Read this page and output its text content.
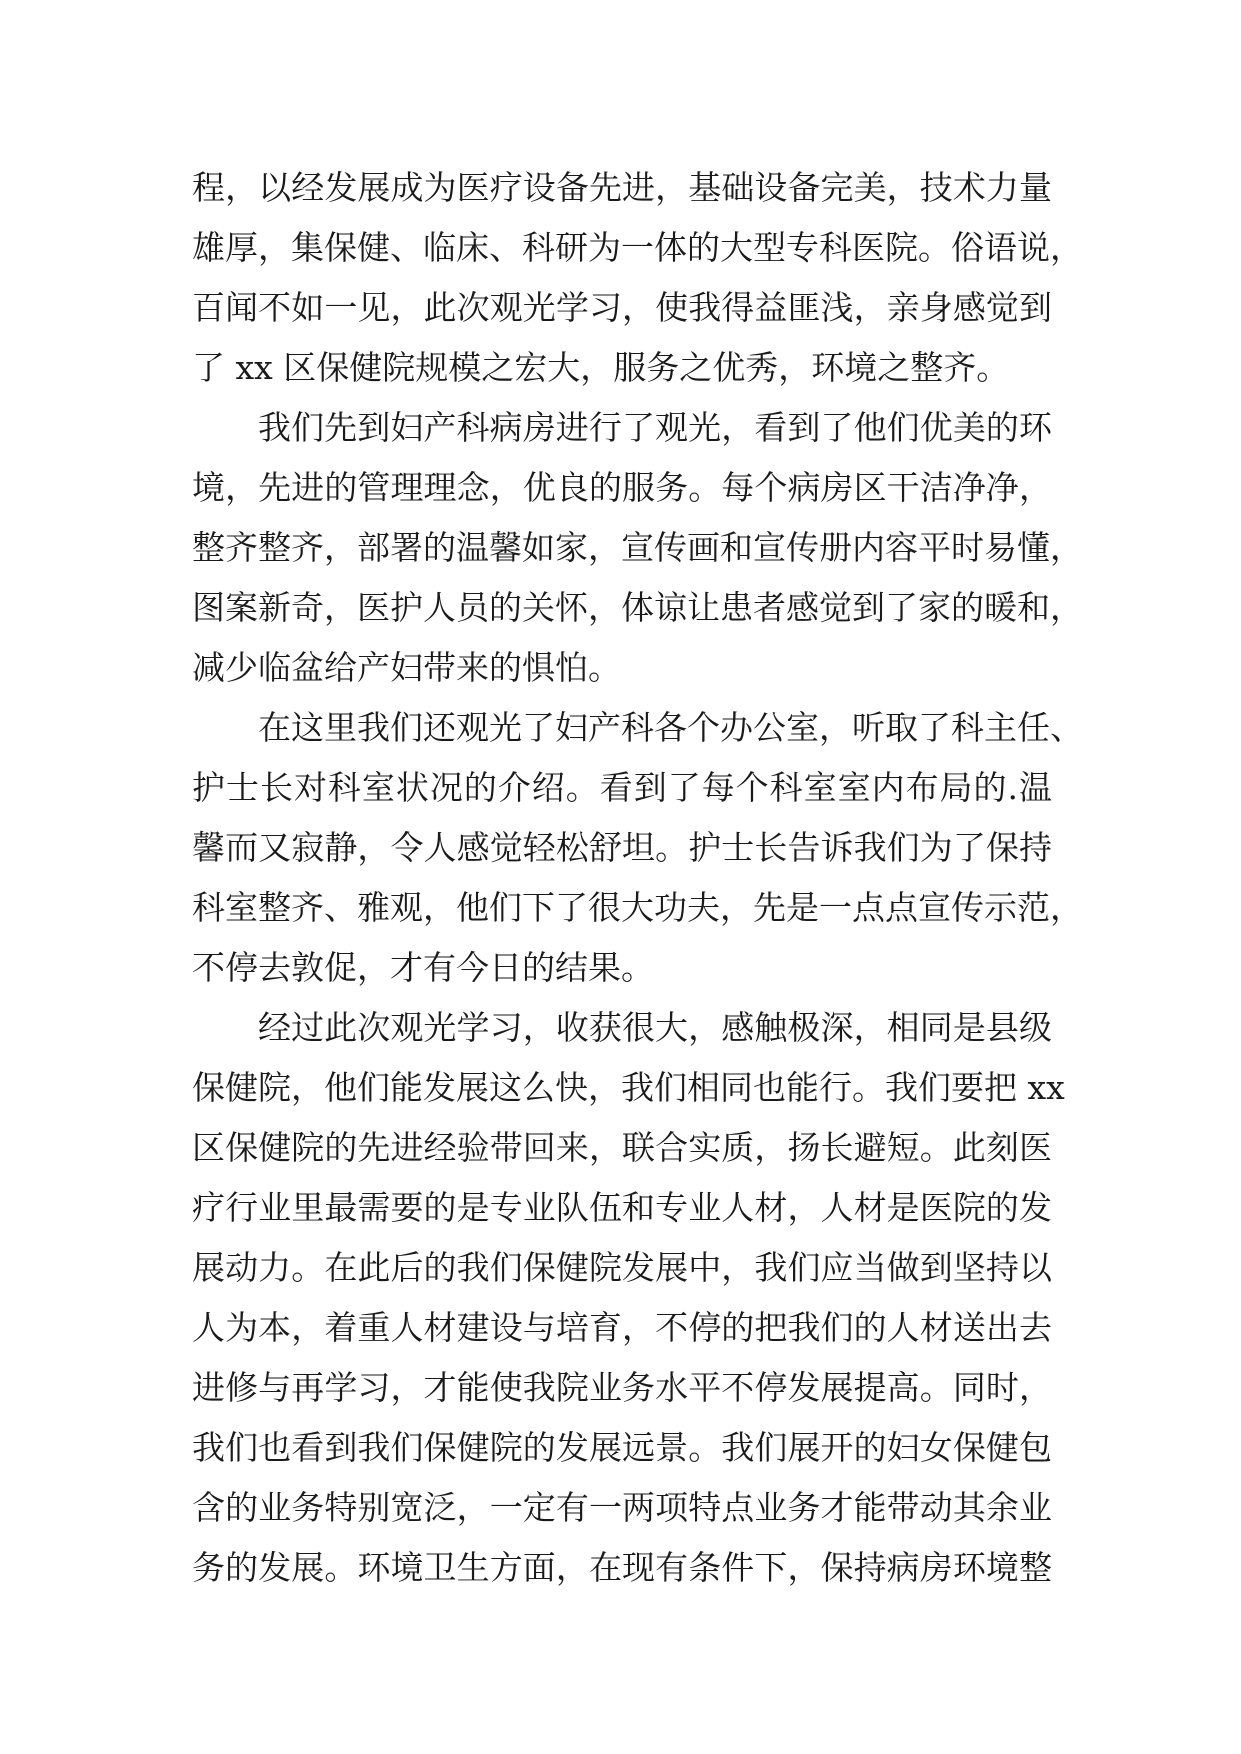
程，以经发展成为医疗设备先进，基础设备完美，技术力量
雄厚，集保健、临床、科研为一体的大型专科医院。俗语说，
百闻不如一见，此次观光学习，使我得益匪浅，亲身感觉到
了 xx 区保健院规模之宏大，服务之优秀，环境之整齐。
我们先到妇产科病房进行了观光，看到了他们优美的环
境，先进的管理理念，优良的服务。每个病房区干洁净净，
整齐整齐，部署的温馨如家，宣传画和宣传册内容平时易懂，
图案新奇，医护人员的关怀，体谅让患者感觉到了家的暖和，
减少临盆给产妇带来的惧怕。
在这里我们还观光了妇产科各个办公室，听取了科主任、
护士长对科室状况的介绍。看到了每个科室室内布局的.温
馨而又寂静，令人感觉轻松舒坦。护士长告诉我们为了保持
科室整齐、雅观，他们下了很大功夫，先是一点点宣传示范，
不停去敦促，才有今日的结果。
经过此次观光学习，收获很大，感触极深，相同是县级
保健院，他们能发展这么快，我们相同也能行。我们要把 xx
区保健院的先进经验带回来，联合实质，扬长避短。此刻医
疗行业里最需要的是专业队伍和专业人材，人材是医院的发
展动力。在此后的我们保健院发展中，我们应当做到坚持以
人为本，着重人材建设与培育，不停的把我们的人材送出去
进修与再学习，才能使我院业务水平不停发展提高。同时，
我们也看到我们保健院的发展远景。我们展开的妇女保健包
含的业务特别宽泛，一定有一两项特点业务才能带动其余业
务的发展。环境卫生方面，在现有条件下，保持病房环境整
